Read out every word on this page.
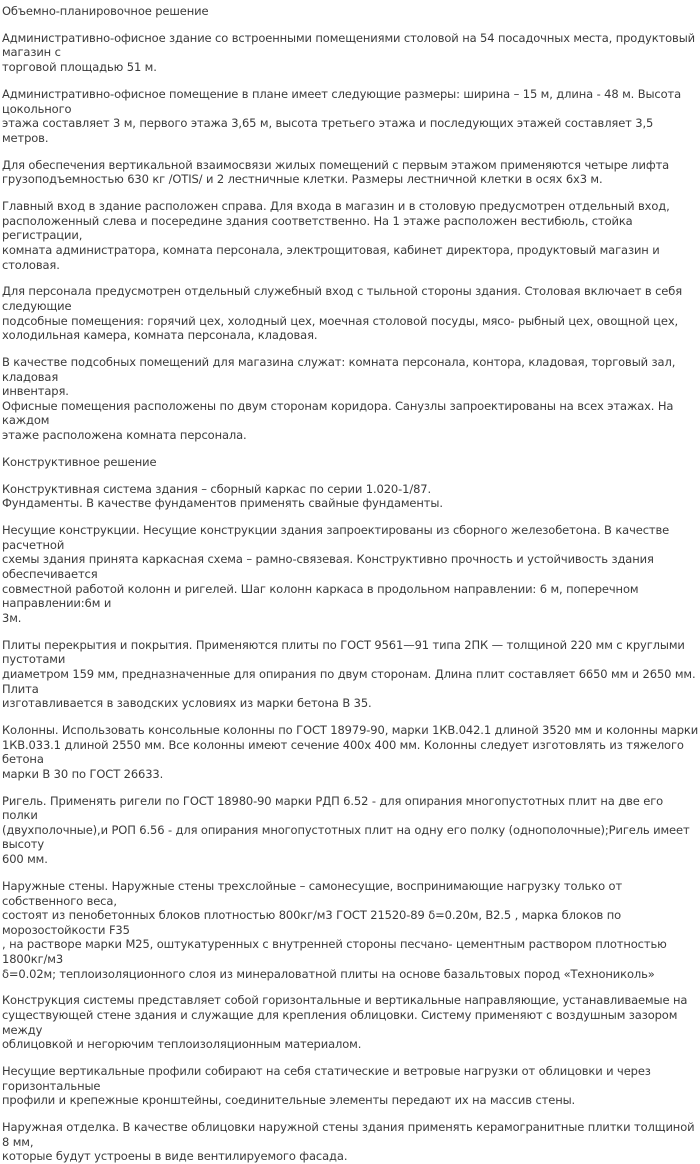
Объемно-планировочное решение

Административно-офисное здание со встроенными помещениями столовой на 54 посадочных места, продуктовый магазин с
торговой площадью 51 м.

Административно-офисное помещение в плане имеет следующие размеры: ширина – 15 м, длина - 48 м. Высота цокольного
этажа составляет 3 м, первого этажа 3,65 м, высота третьего этажа и последующих этажей составляет 3,5 метров.

Для обеспечения вертикальной взаимосвязи жилых помещений с первым этажом применяются четыре лифта
грузоподъемностью 630 кг /OTIS/ и 2 лестничные клетки. Размеры лестничной клетки в осях 6х3 м.

Главный вход в здание расположен справа. Для входа в магазин и в столовую предусмотрен отдельный вход,
расположенный слева и посередине здания соответственно. На 1 этаже расположен вестибюль, стойка регистрации,
комната администратора, комната персонала, электрощитовая, кабинет директора, продуктовый магазин и столовая.

Для персонала предусмотрен отдельный служебный вход с тыльной стороны здания. Столовая включает в себя следующие
подсобные помещения: горячий цех, холодный цех, моечная столовой посуды, мясо- рыбный цех, овощной цех,
холодильная камера, комната персонала, кладовая.

В качестве подсобных помещений для магазина служат: комната персонала, контора, кладовая, торговый зал, кладовая
инвентаря.

Офисные помещения расположены по двум сторонам коридора. Санузлы запроектированы на всех этажах. На каждом
этаже расположена комната персонала.

Конструктивное решение

Конструктивная система здания – сборный каркас по серии 1.020-1/87.

Фундаменты. В качестве фундаментов применять свайные фундаменты.

Несущие конструкции. Несущие конструкции здания запроектированы из сборного железобетона. В качестве расчетной
схемы здания принята каркасная схема – рамно-связевая. Конструктивно прочность и устойчивость здания обеспечивается
совместной работой колонн и ригелей. Шаг колонн каркаса в продольном направлении: 6 м, поперечном направлении:6м и
3м.

Плиты перекрытия и покрытия. Применяются плиты по ГОСТ 9561—91 типа 2ПК — толщиной 220 мм с круглыми пустотами
диаметром 159 мм, предназначенные для опирания по двум сторонам. Длина плит составляет 6650 мм и 2650 мм. Плита
изготавливается в заводских условиях из марки бетона В 35.

Колонны. Использовать консольные колонны по ГОСТ 18979-90, марки 1КВ.042.1 длиной 3520 мм и колонны марки
1КВ.033.1 длиной 2550 мм. Все колонны имеют сечение 400х 400 мм. Колонны следует изготовлять из тяжелого бетона
марки В 30 по ГОСТ 26633.

Ригель. Применять ригели по ГОСТ 18980-90 марки РДП 6.52 - для опирания многопустотных плит на две его полки
(двухполочные),и РОП 6.56 - для опирания многопустотных плит на одну его полку (однополочные);Ригель имеет высоту
600 мм.

Наружные стены. Наружные стены трехслойные – самонесущие, воспринимающие нагрузку только от собственного веса,
состоят из пенобетонных блоков плотностью 800кг/м3 ГОСТ 21520-89 δ=0.20м, В2.5 , марка блоков по морозостойкости F35
, на растворе марки М25, оштукатуренных с внутренней стороны песчано- цементным раствором плотностью 1800кг/м3
δ=0.02м; теплоизоляционного слоя из минераловатной плиты на основе базальтовых пород «Технониколь»

Конструкция системы представляет собой горизонтальные и вертикальные направляющие, устанавливаемые на
существующей стене здания и служащие для крепления облицовки. Систему применяют с воздушным зазором между
облицовкой и негорючим теплоизоляционным материалом.

Несущие вертикальные профили собирают на себя статические и ветровые нагрузки от облицовки и через горизонтальные
профили и крепежные кронштейны, соединительные элементы передают их на массив стены.

Наружная отделка. В качестве облицовки наружной стены здания применять керамогранитные плитки толщиной 8 мм,
которые будут устроены в виде вентилируемого фасада.
